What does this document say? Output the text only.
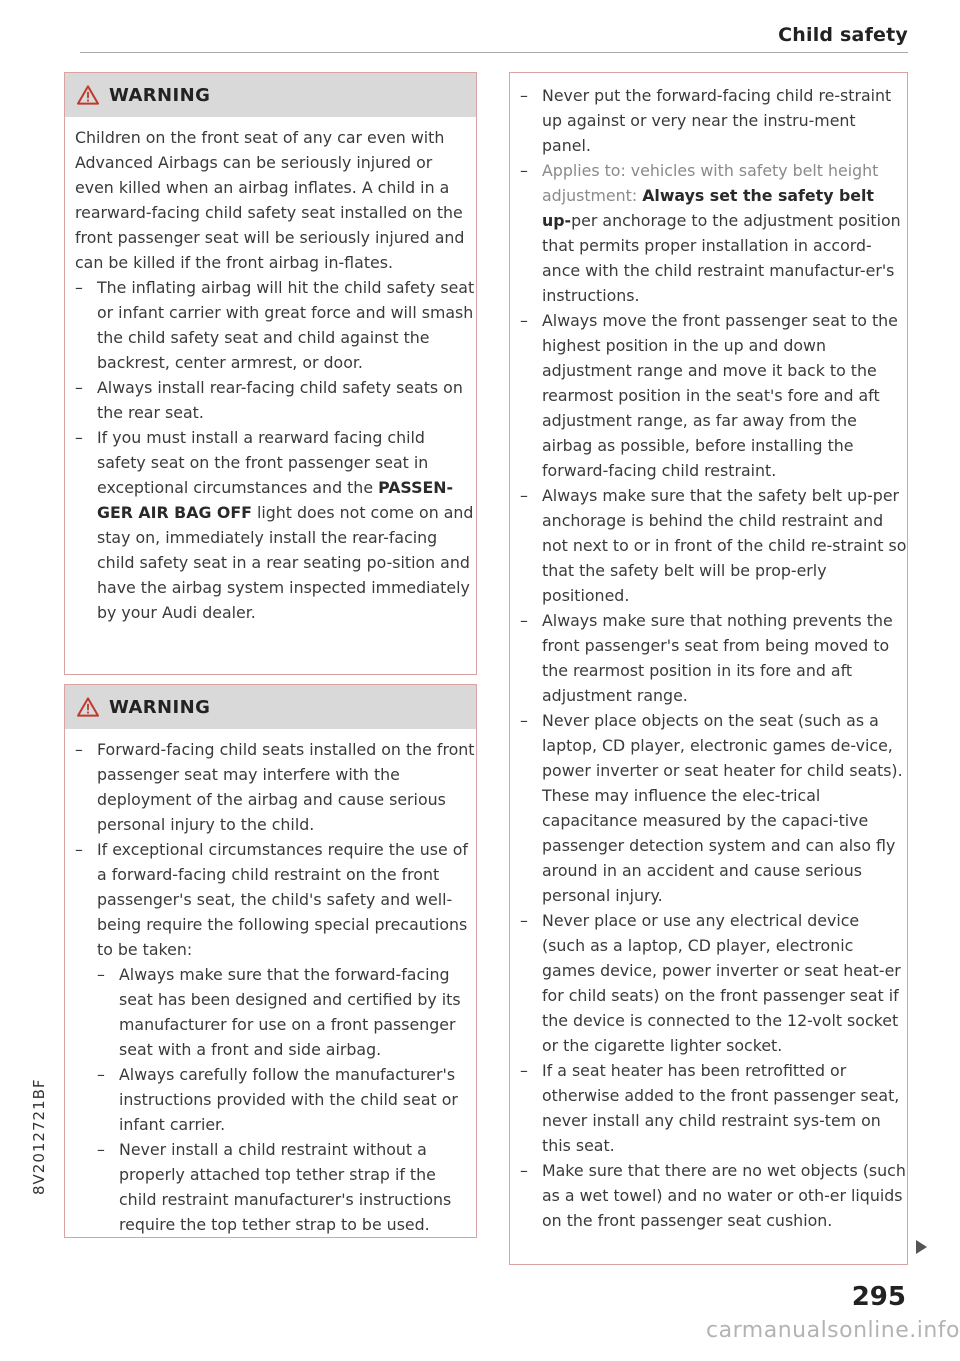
Child safety
8V2012721BF
WARNING

Children on the front seat of any car even with Advanced Airbags can be seriously injured or even killed when an airbag inflates. A child in a rearward-facing child safety seat installed on the front passenger seat will be seriously injured and can be killed if the front airbag in-flates.

– The inflating airbag will hit the child safety seat or infant carrier with great force and will smash the child safety seat and child against the backrest, center armrest, or door.
– Always install rear-facing child safety seats on the rear seat.
– If you must install a rearward facing child safety seat on the front passenger seat in exceptional circumstances and the PASSEN-GER AIR BAG OFF light does not come on and stay on, immediately install the rear-facing child safety seat in a rear seating po-sition and have the airbag system inspected immediately by your Audi dealer.
WARNING
– Forward-facing child seats installed on the front passenger seat may interfere with the deployment of the airbag and cause serious personal injury to the child.
– If exceptional circumstances require the use of a forward-facing child restraint on the front passenger's seat, the child's safety and well-being require the following special precautions to be taken:
– Always make sure that the forward-facing seat has been designed and certified by its manufacturer for use on a front passenger seat with a front and side airbag.
– Always carefully follow the manufacturer's instructions provided with the child seat or infant carrier.
– Never install a child restraint without a properly attached top tether strap if the child restraint manufacturer's instructions require the top tether strap to be used.
– Never put the forward-facing child re-straint up against or very near the instru-ment panel.
– Applies to: vehicles with safety belt height adjustment: Always set the safety belt up-per anchorage to the adjustment position that permits proper installation in accord-ance with the child restraint manufactur-er's instructions.
– Always move the front passenger seat to the highest position in the up and down adjustment range and move it back to the rearmost position in the seat's fore and aft adjustment range, as far away from the airbag as possible, before installing the forward-facing child restraint.
– Always make sure that the safety belt up-per anchorage is behind the child restraint and not next to or in front of the child re-straint so that the safety belt will be prop-erly positioned.
– Always make sure that nothing prevents the front passenger's seat from being moved to the rearmost position in its fore and aft adjustment range.
– Never place objects on the seat (such as a laptop, CD player, electronic games de-vice, power inverter or seat heater for child seats). These may influence the elec-trical capacitance measured by the capaci-tive passenger detection system and can also fly around in an accident and cause serious personal injury.
– Never place or use any electrical device (such as a laptop, CD player, electronic games device, power inverter or seat heat-er for child seats) on the front passenger seat if the device is connected to the 12-volt socket or the cigarette lighter socket.
– If a seat heater has been retrofitted or otherwise added to the front passenger seat, never install any child restraint sys-tem on this seat.
– Make sure that there are no wet objects (such as a wet towel) and no water or oth-er liquids on the front passenger seat cushion.
295
carmanualsonline.info
